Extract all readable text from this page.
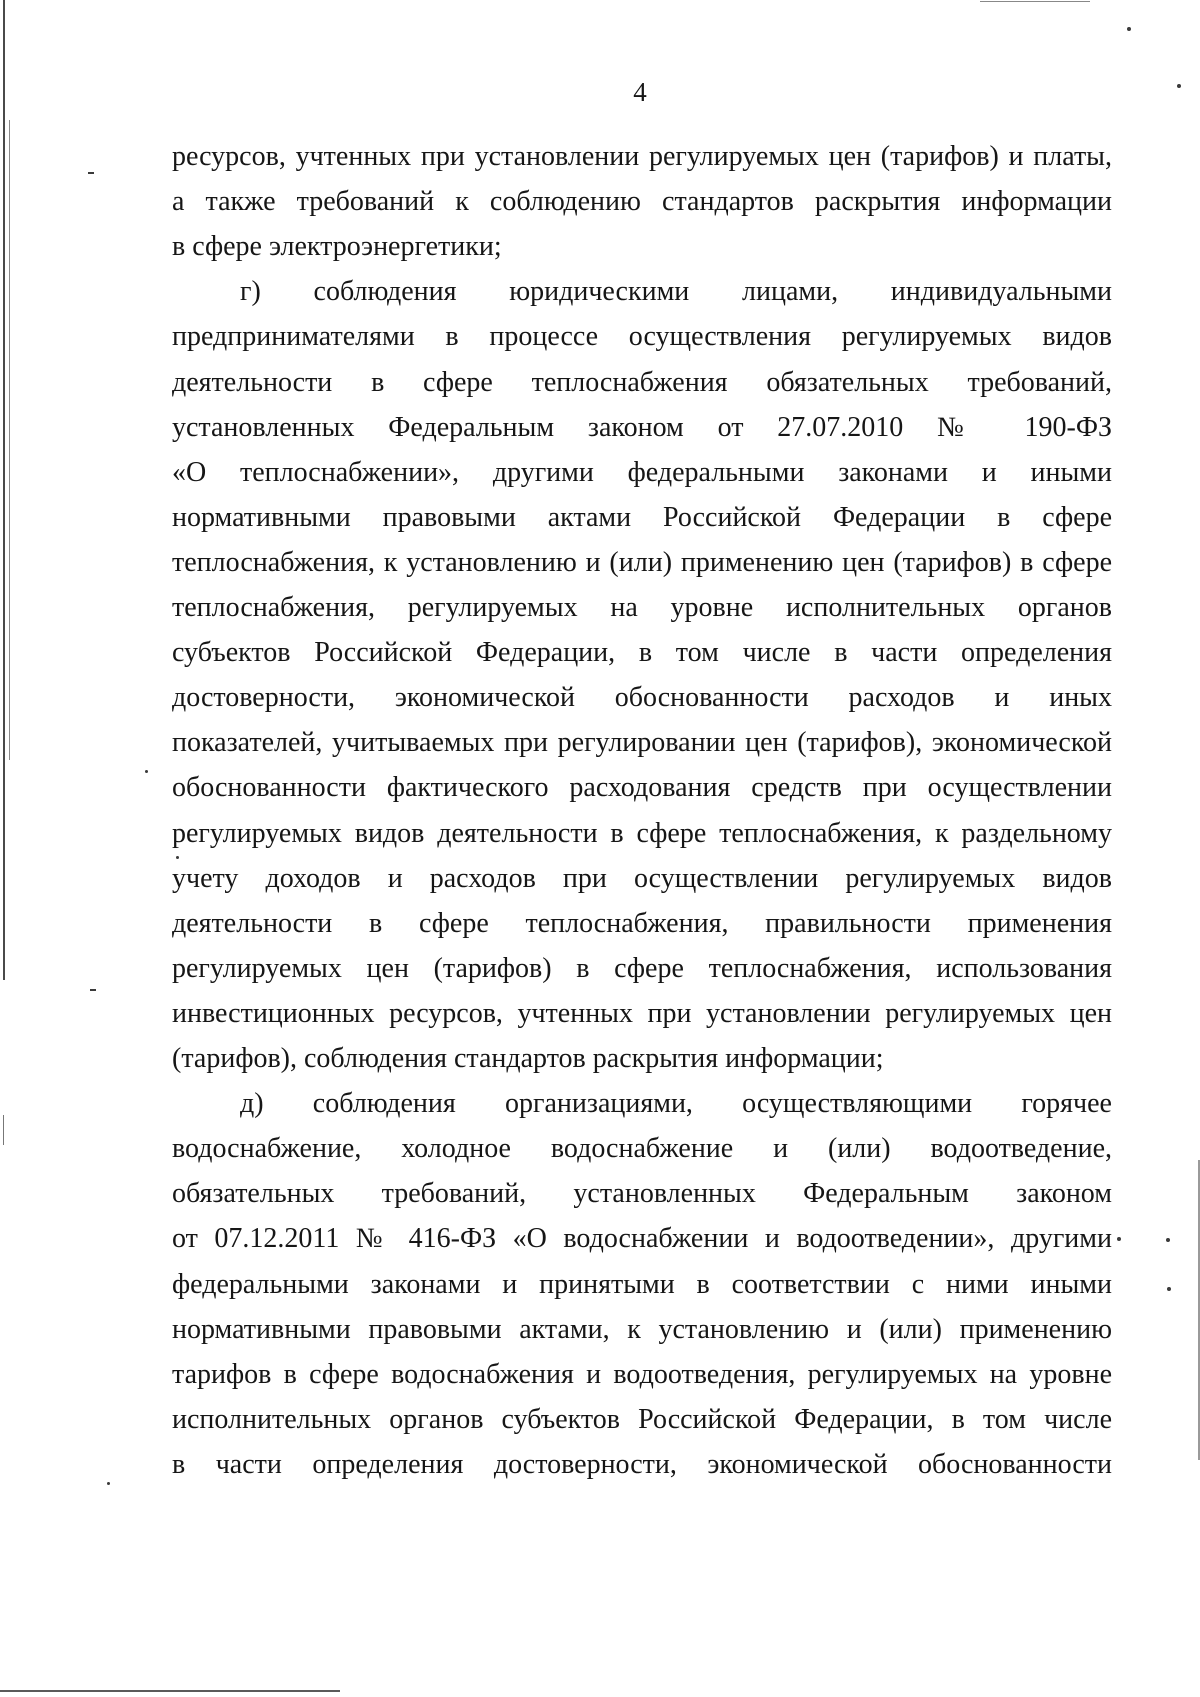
4
ресурсов, учтенных при установлении регулируемых цен (тарифов) и платы,
а также требований к соблюдению стандартов раскрытия информации
в сфере электроэнергетики;
г) соблюдения юридическими лицами, индивидуальными
предпринимателями в процессе осуществления регулируемых видов
деятельности в сфере теплоснабжения обязательных требований,
установленных Федеральным законом от 27.07.2010 № 190-ФЗ
«О теплоснабжении», другими федеральными законами и иными
нормативными правовыми актами Российской Федерации в сфере
теплоснабжения, к установлению и (или) применению цен (тарифов) в сфере
теплоснабжения, регулируемых на уровне исполнительных органов
субъектов Российской Федерации, в том числе в части определения
достоверности, экономической обоснованности расходов и иных
показателей, учитываемых при регулировании цен (тарифов), экономической
обоснованности фактического расходования средств при осуществлении
регулируемых видов деятельности в сфере теплоснабжения, к раздельному
учету доходов и расходов при осуществлении регулируемых видов
деятельности в сфере теплоснабжения, правильности применения
регулируемых цен (тарифов) в сфере теплоснабжения, использования
инвестиционных ресурсов, учтенных при установлении регулируемых цен
(тарифов), соблюдения стандартов раскрытия информации;
д) соблюдения организациями, осуществляющими горячее
водоснабжение, холодное водоснабжение и (или) водоотведение,
обязательных требований, установленных Федеральным законом
от 07.12.2011 № 416-ФЗ «О водоснабжении и водоотведении», другими
федеральными законами и принятыми в соответствии с ними иными
нормативными правовыми актами, к установлению и (или) применению
тарифов в сфере водоснабжения и водоотведения, регулируемых на уровне
исполнительных органов субъектов Российской Федерации, в том числе
в части определения достоверности, экономической обоснованности
